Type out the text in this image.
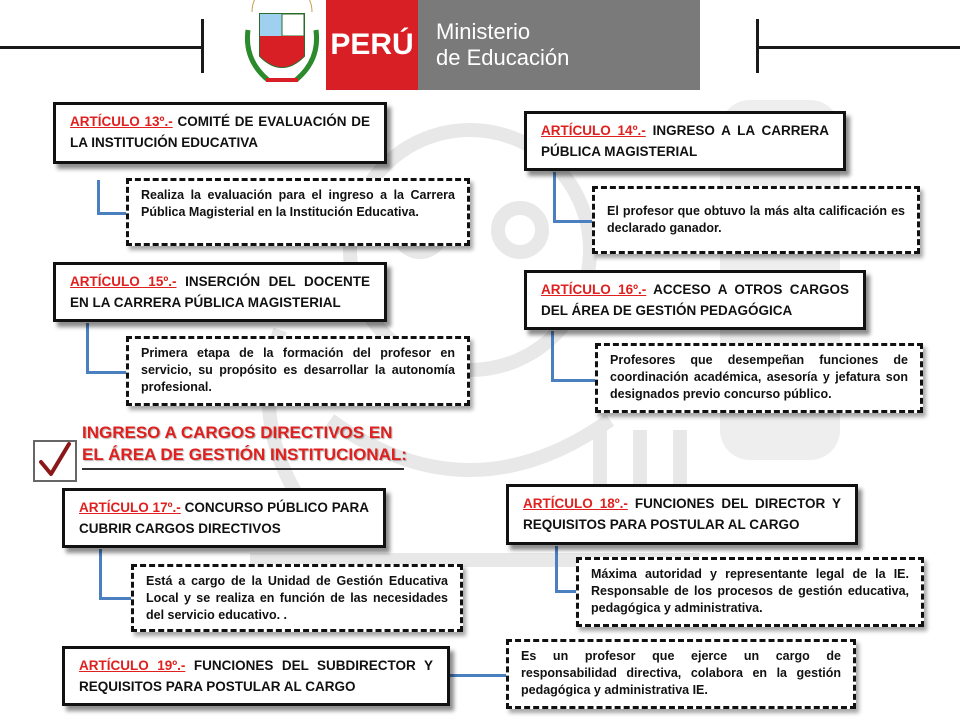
PERÚ Ministerio
de Educación
ARTÍCULO 13º.- COMITÉ DE EVALUACIÓN DE LA INSTITUCIÓN EDUCATIVA
Realiza la evaluación para el ingreso a la Carrera Pública Magisterial en la Institución Educativa.
ARTÍCULO 14º.- INGRESO A LA CARRERA PÚBLICA MAGISTERIAL
El profesor que obtuvo la más alta calificación es declarado ganador.
ARTÍCULO 15º.- INSERCIÓN DEL DOCENTE EN LA CARRERA PÚBLICA MAGISTERIAL
Primera etapa de la formación del profesor en servicio, su propósito es desarrollar la autonomía profesional.
ARTÍCULO 16º.- ACCESO A OTROS CARGOS DEL ÁREA DE GESTIÓN PEDAGÓGICA
Profesores que desempeñan funciones de coordinación académica, asesoría y jefatura son designados previo concurso público.
INGRESO A CARGOS DIRECTIVOS EN
EL ÁREA DE GESTIÓN INSTITUCIONAL:
ARTÍCULO 17º.- CONCURSO PÚBLICO PARA CUBRIR CARGOS DIRECTIVOS
Está a cargo de la Unidad de Gestión Educativa Local y se realiza en función de las necesidades del servicio educativo. .
ARTÍCULO 18º.- FUNCIONES DEL DIRECTOR Y REQUISITOS PARA POSTULAR AL CARGO
Máxima autoridad y representante legal de la IE. Responsable de los procesos de gestión educativa, pedagógica y administrativa.
ARTÍCULO 19º.- FUNCIONES DEL SUBDIRECTOR Y REQUISITOS PARA POSTULAR AL CARGO
Es un profesor que ejerce un cargo de responsabilidad directiva, colabora en la gestión pedagógica y administrativa IE.
